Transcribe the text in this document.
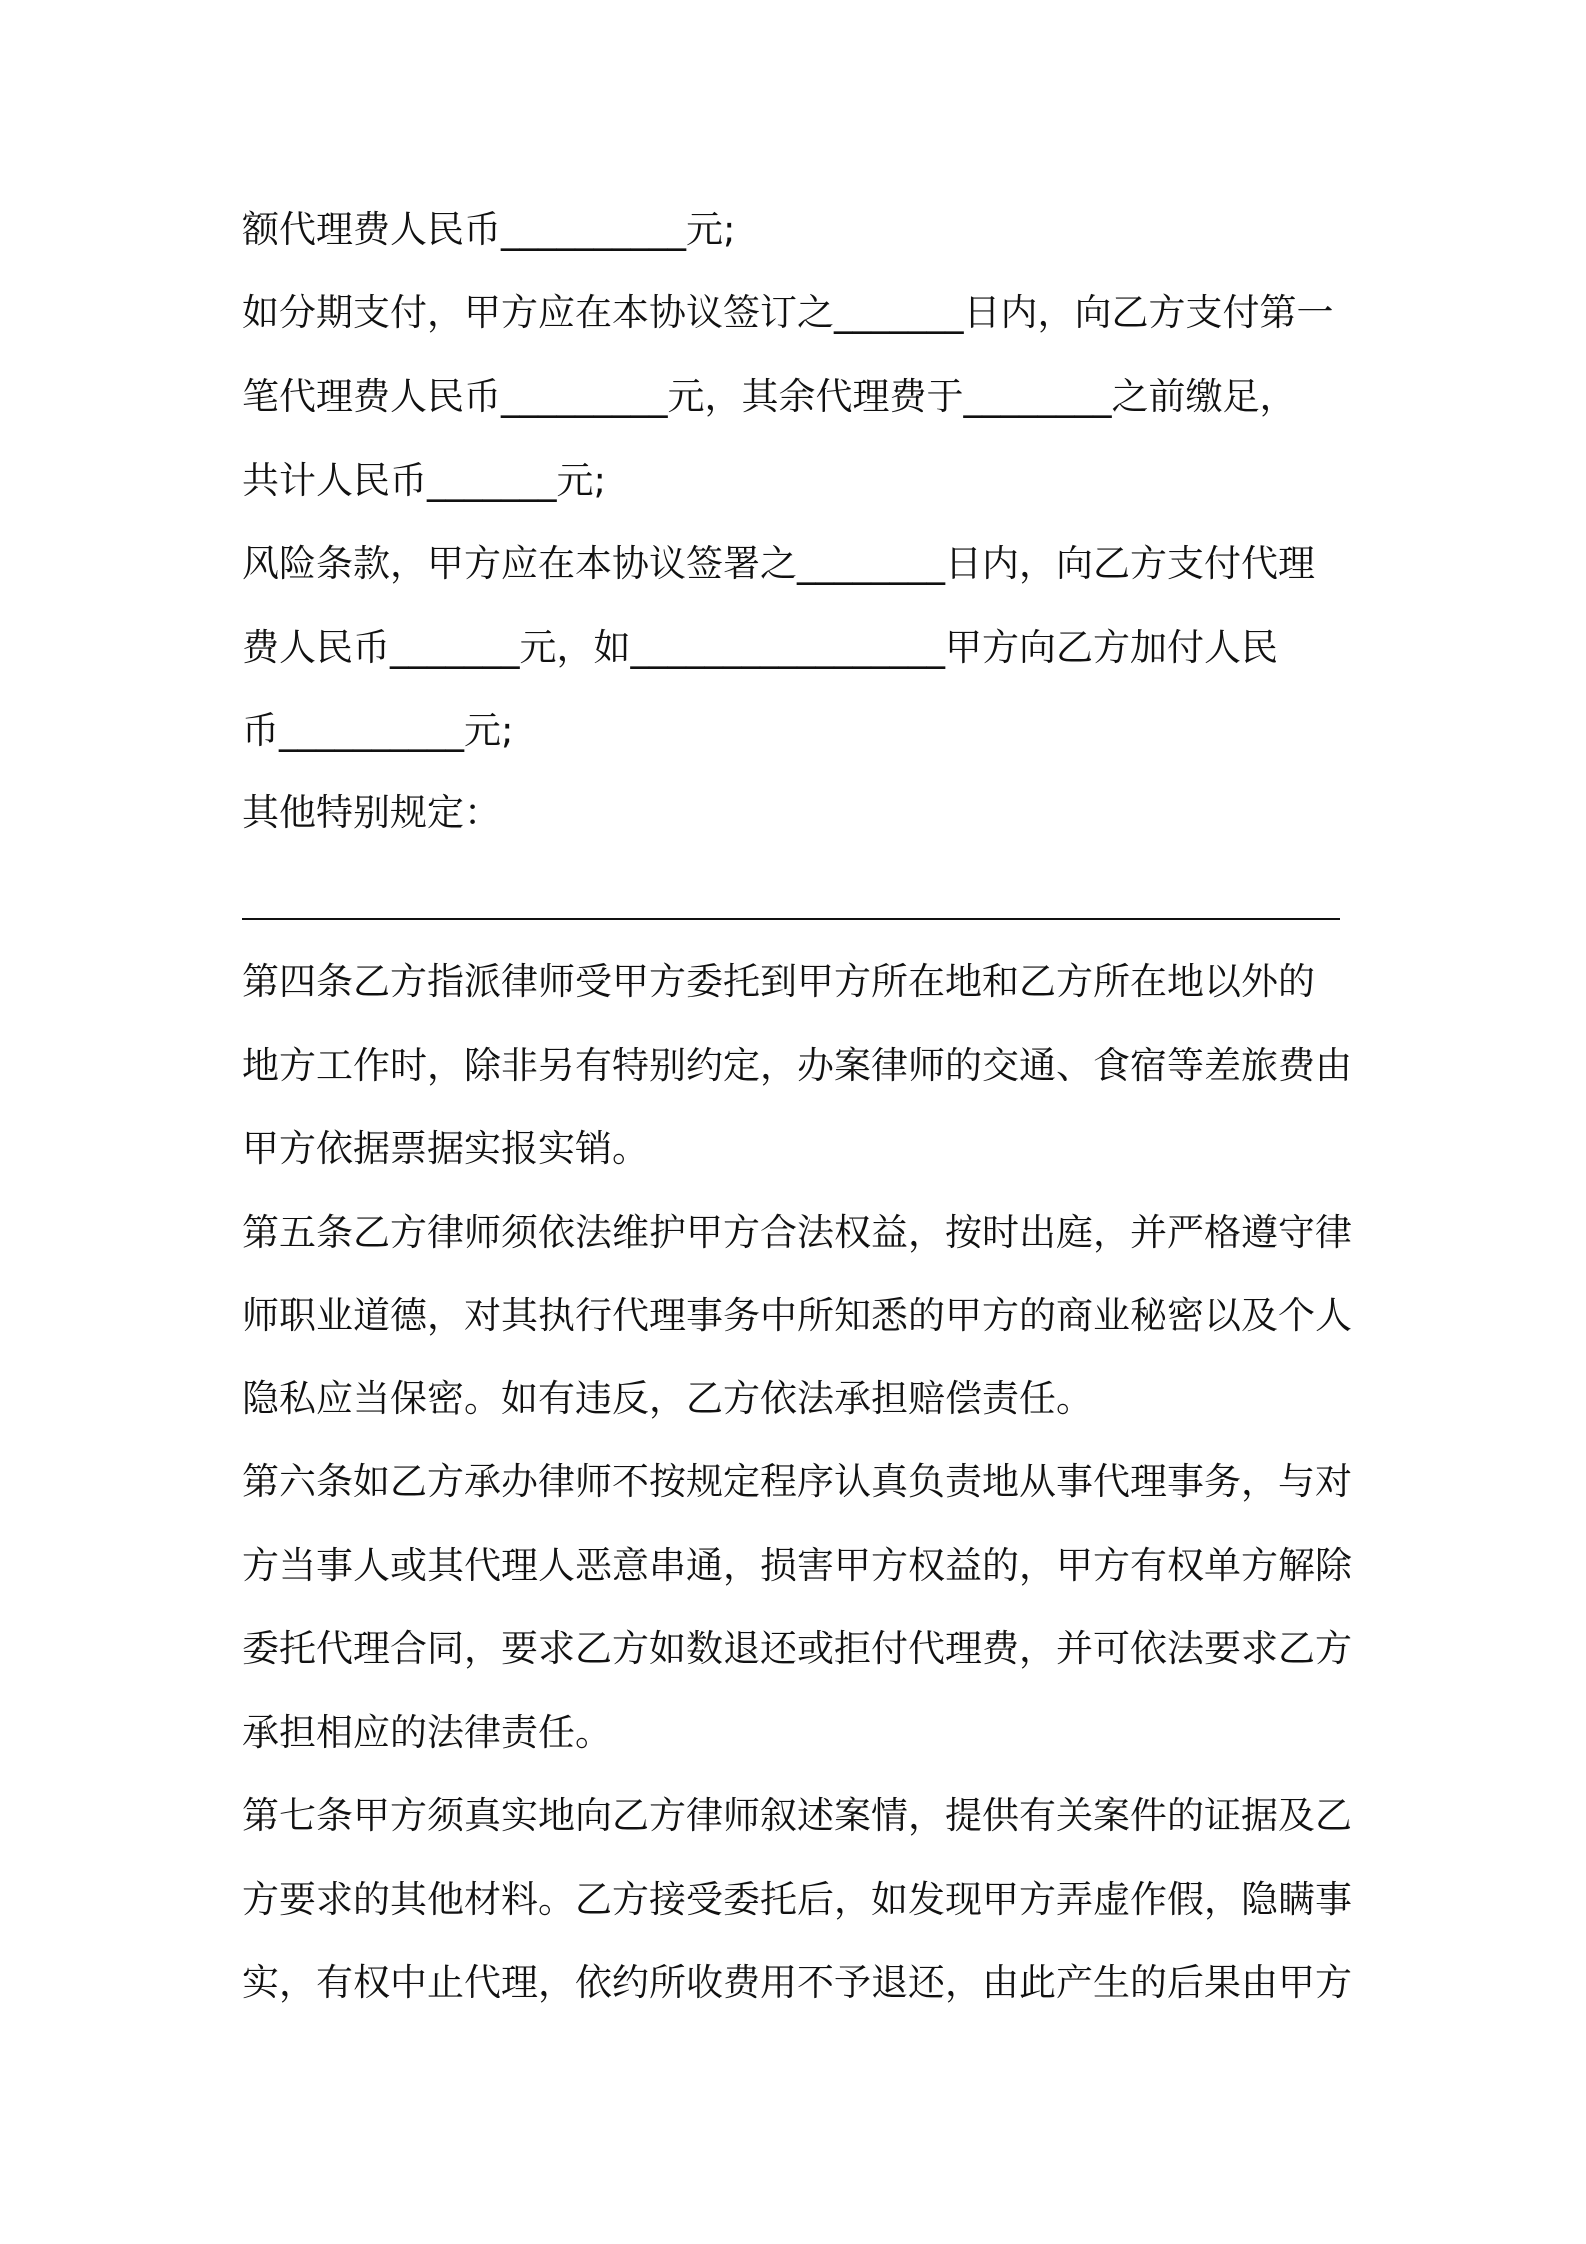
额代理费人民币__________元;
如分期支付，甲方应在本协议签订之_______日内，向乙方支付第一
笔代理费人民币_________元，其余代理费于________之前缴足，
共计人民币_______元;
风险条款，甲方应在本协议签署之________日内，向乙方支付代理
费人民币_______元，如_________________甲方向乙方加付人民
币__________元;
其他特别规定：
第四条乙方指派律师受甲方委托到甲方所在地和乙方所在地以外的
地方工作时，除非另有特别约定，办案律师的交通、食宿等差旅费由
甲方依据票据实报实销。
第五条乙方律师须依法维护甲方合法权益，按时出庭，并严格遵守律
师职业道德，对其执行代理事务中所知悉的甲方的商业秘密以及个人
隐私应当保密。如有违反，乙方依法承担赔偿责任。
第六条如乙方承办律师不按规定程序认真负责地从事代理事务，与对
方当事人或其代理人恶意串通，损害甲方权益的，甲方有权单方解除
委托代理合同，要求乙方如数退还或拒付代理费，并可依法要求乙方
承担相应的法律责任。
第七条甲方须真实地向乙方律师叙述案情，提供有关案件的证据及乙
方要求的其他材料。乙方接受委托后，如发现甲方弄虚作假，隐瞒事
实，有权中止代理，依约所收费用不予退还，由此产生的后果由甲方
